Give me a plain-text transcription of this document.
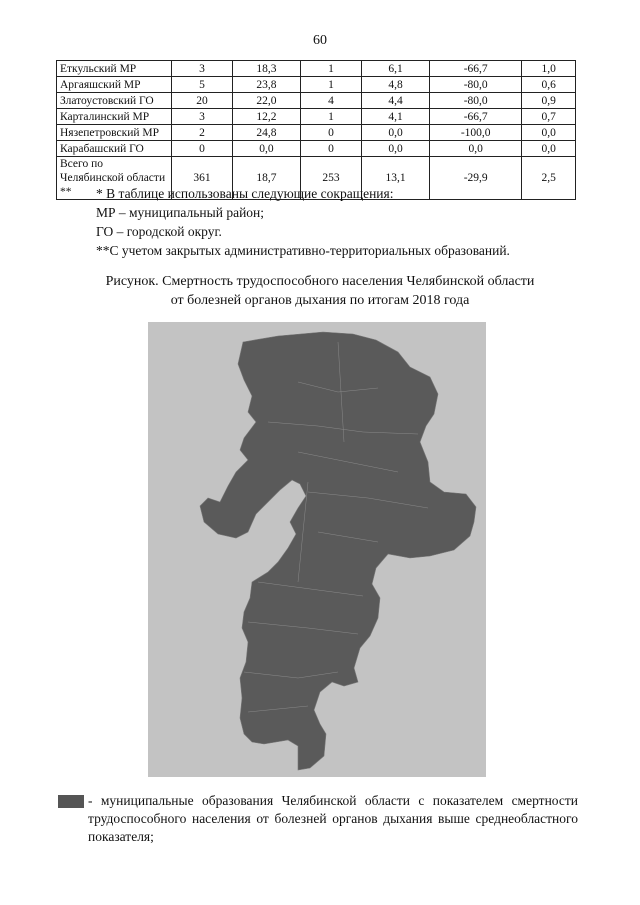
60
Еткульский МР	3	18,3	1	6,1	-66,7	1,0
Аргаяшский МР	5	23,8	1	4,8	-80,0	0,6
Златоустовский ГО	20	22,0	4	4,4	-80,0	0,9
Карталинский МР	3	12,2	1	4,1	-66,7	0,7
Нязепетровский МР	2	24,8	0	0,0	-100,0	0,0
Карабашский ГО	0	0,0	0	0,0	0,0	0,0
Всего по Челябинской области **	361	18,7	253	13,1	-29,9	2,5
* В таблице использованы следующие сокращения:
МР – муниципальный район;
ГО – городской округ.
**С учетом закрытых административно-территориальных образований.
Рисунок. Смертность трудоспособного населения Челябинской области
от болезней органов дыхания по итогам 2018 года
- муниципальные образования Челябинской области с показателем смертности трудоспособного населения от болезней органов дыхания выше среднеобластного показателя;
